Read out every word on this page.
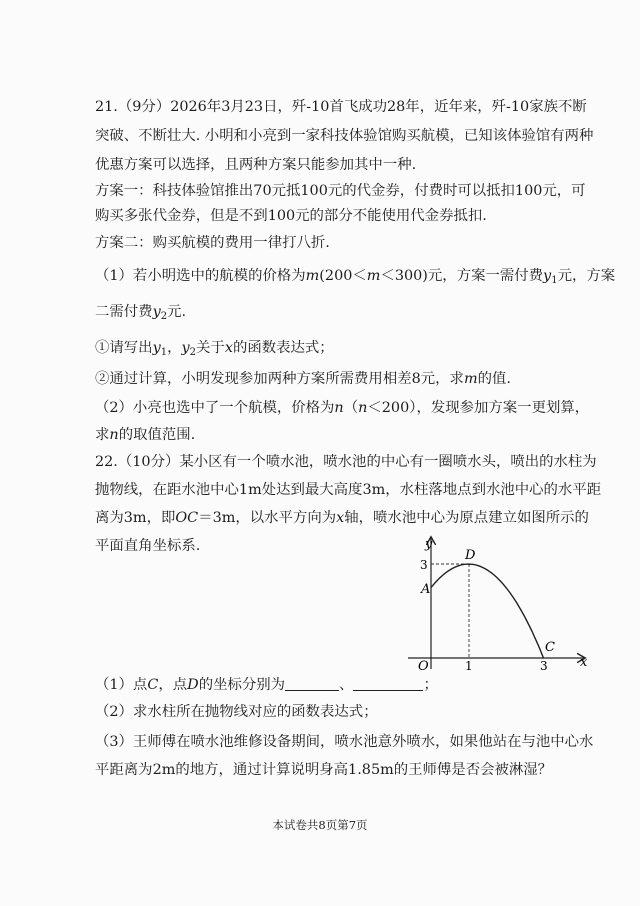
21.（9分）2026年3月23日，歼-10首飞成功28年，近年来，歼-10家族不断
突破、不断壮大. 小明和小亮到一家科技体验馆购买航模，已知该体验馆有两种
优惠方案可以选择，且两种方案只能参加其中一种.
方案一：科技体验馆推出70元抵100元的代金券，付费时可以抵扣100元，可
购买多张代金券，但是不到100元的部分不能使用代金券抵扣.
方案二：购买航模的费用一律打八折.
（1）若小明选中的航模的价格为m(200＜m＜300)元，方案一需付费$y_1$元，方案
二需付费$y_2$元.
①请写出$y_1$，$y_2$关于x的函数表达式；
②通过计算，小明发现参加两种方案所需费用相差8元，求m的值.
（2）小亮也选中了一个航模，价格为n（n＜200），发现参加方案一更划算，
求n的取值范围.
22.（10分）某小区有一个喷水池，喷水池的中心有一圈喷水头，喷出的水柱为
抛物线，在距水池中心1m处达到最大高度3m，水柱落地点到水池中心的水平距
离为3m，即OC＝3m，以水平方向为x轴，喷水池中心为原点建立如图所示的
平面直角坐标系.	y
x
O
D
A
C
1	3
3
（1）点C，点D的坐标分别为	、	；
（2）求水柱所在抛物线对应的函数表达式；
（3）王师傅在喷水池维修设备期间，喷水池意外喷水，如果他站在与池中心水
平距离为2m的地方，通过计算说明身高1.85m的王师傅是否会被淋湿？
本试卷共8页第7页
